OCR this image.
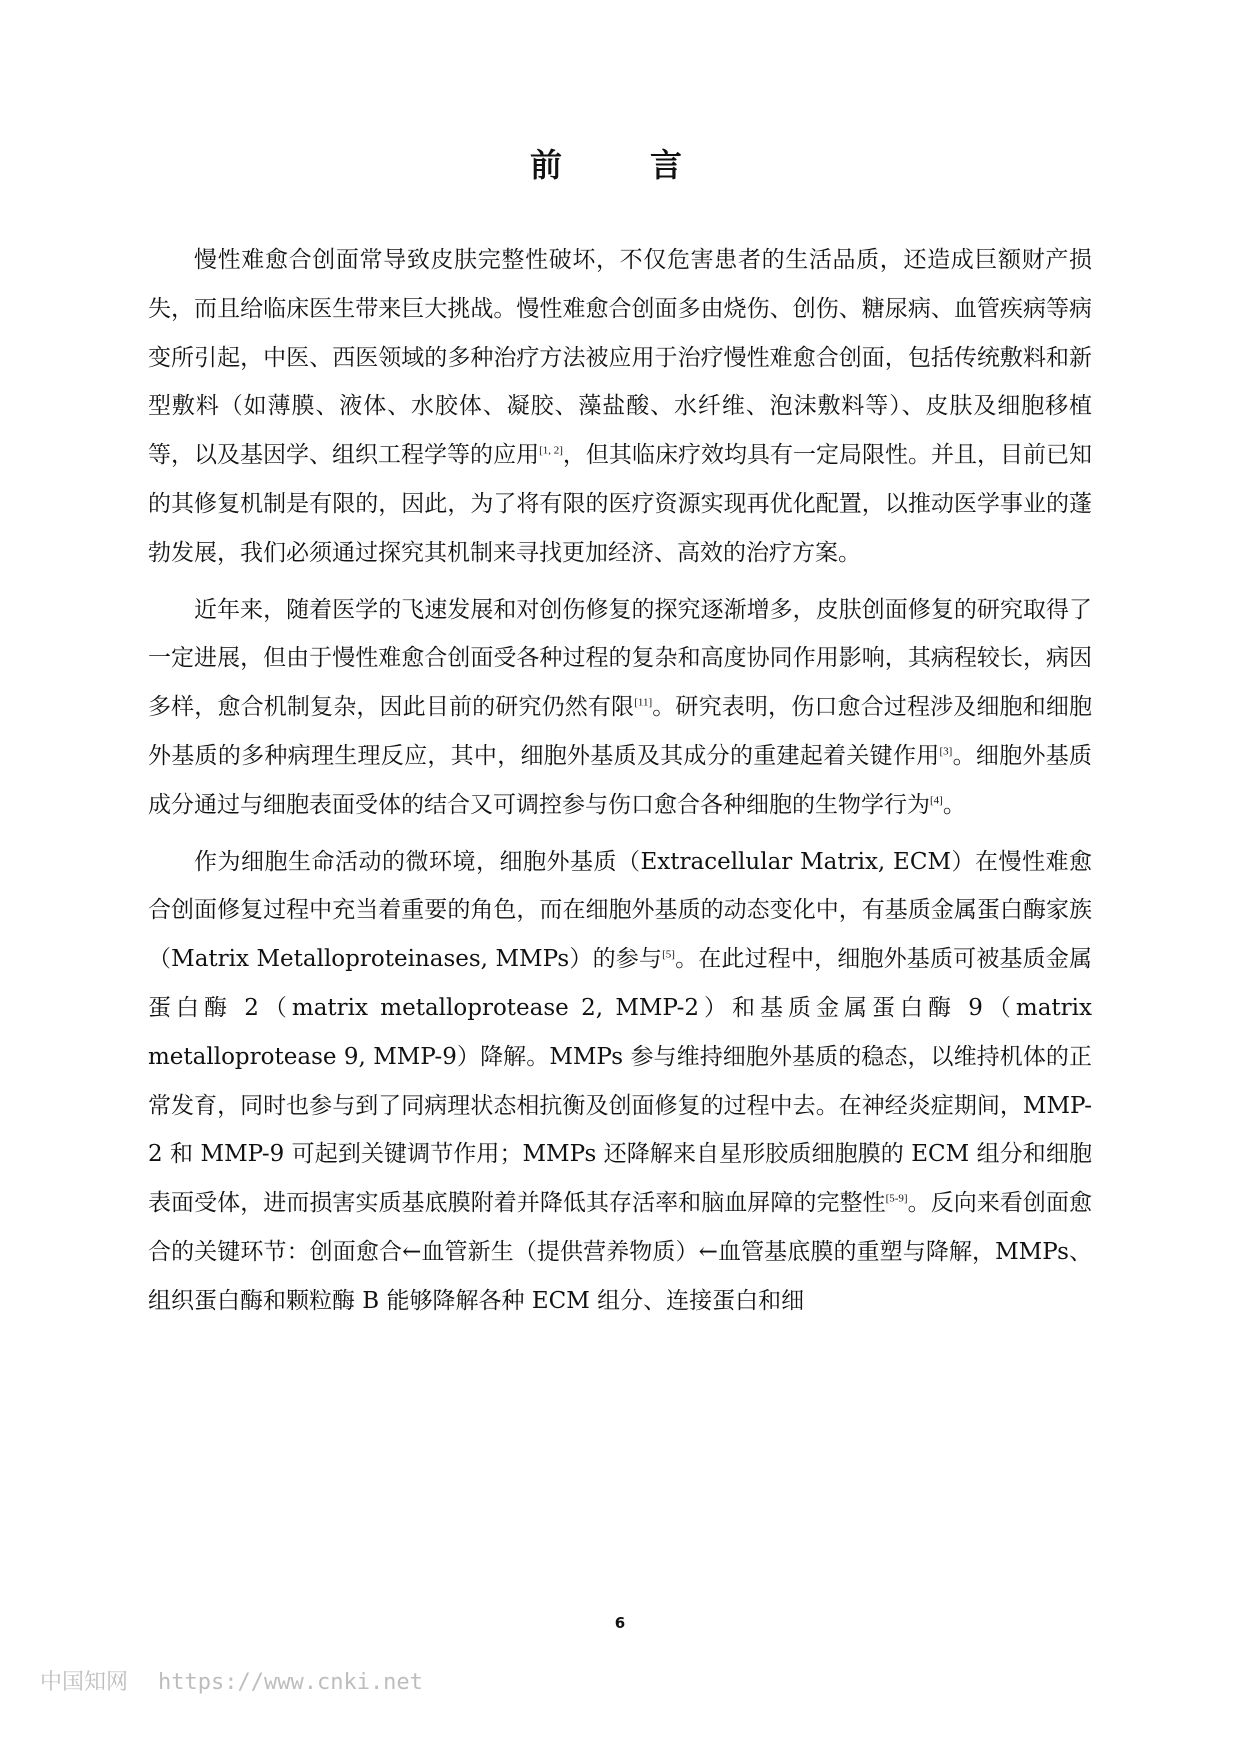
前　言

慢性难愈合创面常导致皮肤完整性破坏，不仅危害患者的生活品质，还造成巨额财产损失，而且给临床医生带来巨大挑战。慢性难愈合创面多由烧伤、创伤、糖尿病、血管疾病等病变所引起，中医、西医领域的多种治疗方法被应用于治疗慢性难愈合创面，包括传统敷料和新型敷料（如薄膜、液体、水胶体、凝胶、藻盐酸、水纤维、泡沫敷料等）、皮肤及细胞移植等，以及基因学、组织工程学等的应用[1, 2]，但其临床疗效均具有一定局限性。并且，目前已知的其修复机制是有限的，因此，为了将有限的医疗资源实现再优化配置，以推动医学事业的蓬勃发展，我们必须通过探究其机制来寻找更加经济、高效的治疗方案。

近年来，随着医学的飞速发展和对创伤修复的探究逐渐增多，皮肤创面修复的研究取得了一定进展，但由于慢性难愈合创面受各种过程的复杂和高度协同作用影响，其病程较长，病因多样，愈合机制复杂，因此目前的研究仍然有限[11]。研究表明，伤口愈合过程涉及细胞和细胞外基质的多种病理生理反应，其中，细胞外基质及其成分的重建起着关键作用[3]。细胞外基质成分通过与细胞表面受体的结合又可调控参与伤口愈合各种细胞的生物学行为[4]。

作为细胞生命活动的微环境，细胞外基质（Extracellular Matrix, ECM）在慢性难愈合创面修复过程中充当着重要的角色，而在细胞外基质的动态变化中，有基质金属蛋白酶家族（Matrix Metalloproteinases, MMPs）的参与[5]。在此过程中，细胞外基质可被基质金属蛋白酶 2（matrix metalloprotease 2, MMP-2）和基质金属蛋白酶 9（matrix metalloprotease 9, MMP-9）降解。MMPs 参与维持细胞外基质的稳态，以维持机体的正常发育，同时也参与到了同病理状态相抗衡及创面修复的过程中去。在神经炎症期间，MMP-2 和 MMP-9 可起到关键调节作用；MMPs 还降解来自星形胶质细胞膜的 ECM 组分和细胞表面受体，进而损害实质基底膜附着并降低其存活率和脑血屏障的完整性[5-9]。反向来看创面愈合的关键环节：创面愈合←血管新生（提供营养物质）←血管基底膜的重塑与降解，MMPs、组织蛋白酶和颗粒酶 B 能够降解各种 ECM 组分、连接蛋白和细

6
中国知网 https://www.cnki.net
